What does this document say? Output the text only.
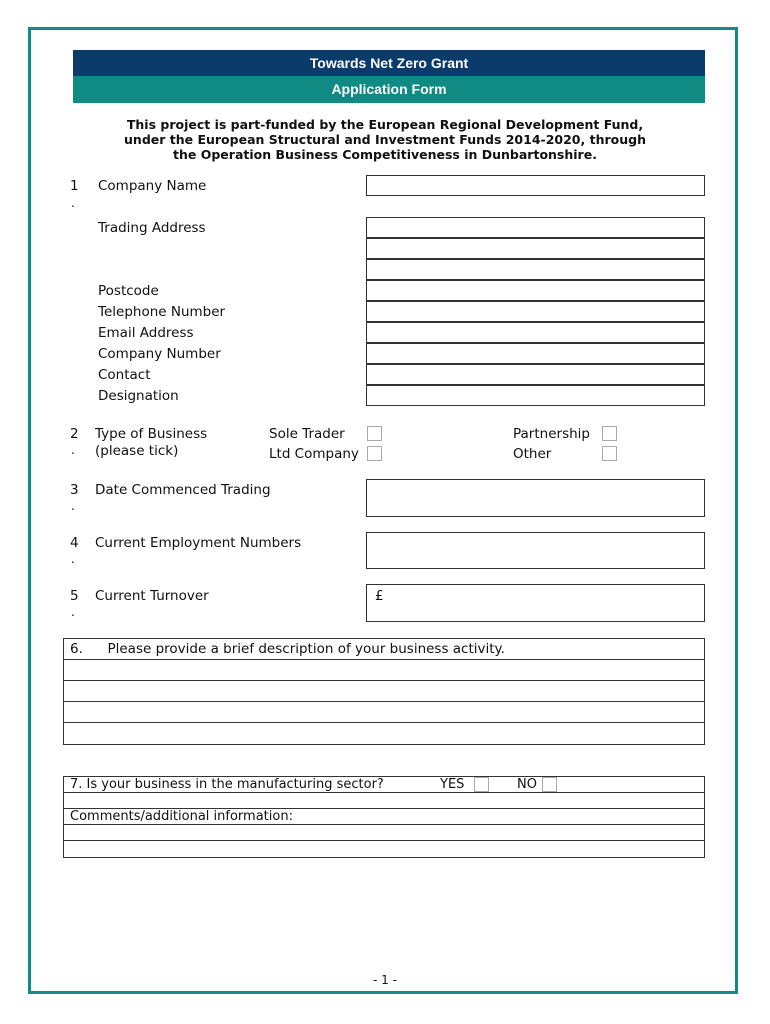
Towards Net Zero Grant
Application Form
This project is part-funded by the European Regional Development Fund,
under the European Structural and Investment Funds 2014-2020, through
the Operation Business Competitiveness in Dunbartonshire.
1
.
Company Name
Trading Address
Postcode
Telephone Number
Email Address
Company Number
Contact
Designation
2
.
Type of Business
(please tick)
Sole Trader
Ltd Company
Partnership
Other
3
.
Date Commenced Trading
4
.
Current Employment Numbers
5
.
Current Turnover	£
6. Please provide a brief description of your business activity.
7. Is your business in the manufacturing sector?	YES	NO
Comments/additional information:
- 1 -
